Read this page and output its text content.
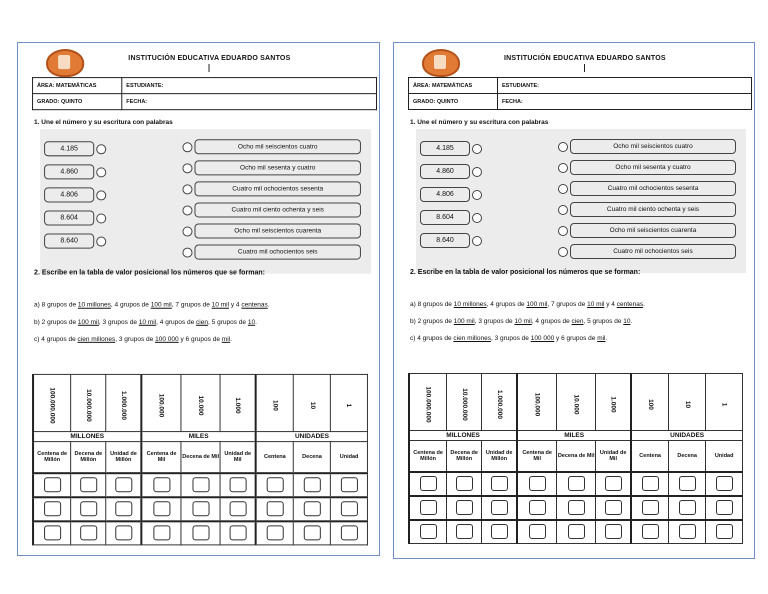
INSTITUCIÓN EDUCATIVA EDUARDO SANTOS
ÁREA: MATEMÁTICAS	ESTUDIANTE:
GRADO: QUINTO	FECHA:
1. Une el número y su escritura con palabras
4.185
4.860
4.806
8.604
8.640
Ocho mil seiscientos cuatro
Ocho mil sesenta y cuatro
Cuatro mil ochocientos sesenta
Cuatro mil ciento ochenta y seis
Ocho mil seiscientos cuarenta
Cuatro mil ochocientos seis
2. Escribe en la tabla de valor posicional los números que se forman:
a) 8 grupos de 10 millones, 4 grupos de 100 mil, 7 grupos de 10 mil y 4 centenas.
b) 2 grupos de 100 mil, 3 grupos de 10 mil, 4 grupos de cien, 5 grupos de 10.
c) 4 grupos de cien millones, 3 grupos de 100 000 y 6 grupos de mil.
100.000.000	10.000.000	1.000.000	100.000	10.000	1.000	100	10	1
MILLONES			MILES			UNIDADES		
Centena de Millón	Decena de Millón	Unidad de Millón	Centena de Mil	Decena de Mil	Unidad de Mil	Centena	Decena	Unidad

INSTITUCIÓN EDUCATIVA EDUARDO SANTOS
ÁREA: MATEMÁTICAS	ESTUDIANTE:
GRADO: QUINTO	FECHA:
1. Une el número y su escritura con palabras
4.185
4.860
4.806
8.604
8.640
Ocho mil seiscientos cuatro
Ocho mil sesenta y cuatro
Cuatro mil ochocientos sesenta
Cuatro mil ciento ochenta y seis
Ocho mil seiscientos cuarenta
Cuatro mil ochocientos seis
2. Escribe en la tabla de valor posicional los números que se forman:
a) 8 grupos de 10 millones, 4 grupos de 100 mil, 7 grupos de 10 mil y 4 centenas.
b) 2 grupos de 100 mil, 3 grupos de 10 mil, 4 grupos de cien, 5 grupos de 10.
c) 4 grupos de cien millones, 3 grupos de 100 000 y 6 grupos de mil.
100.000.000	10.000.000	1.000.000	100.000	10.000	1.000	100	10	1
MILLONES			MILES			UNIDADES		
Centena de Millón	Decena de Millón	Unidad de Millón	Centena de Mil	Decena de Mil	Unidad de Mil	Centena	Decena	Unidad
